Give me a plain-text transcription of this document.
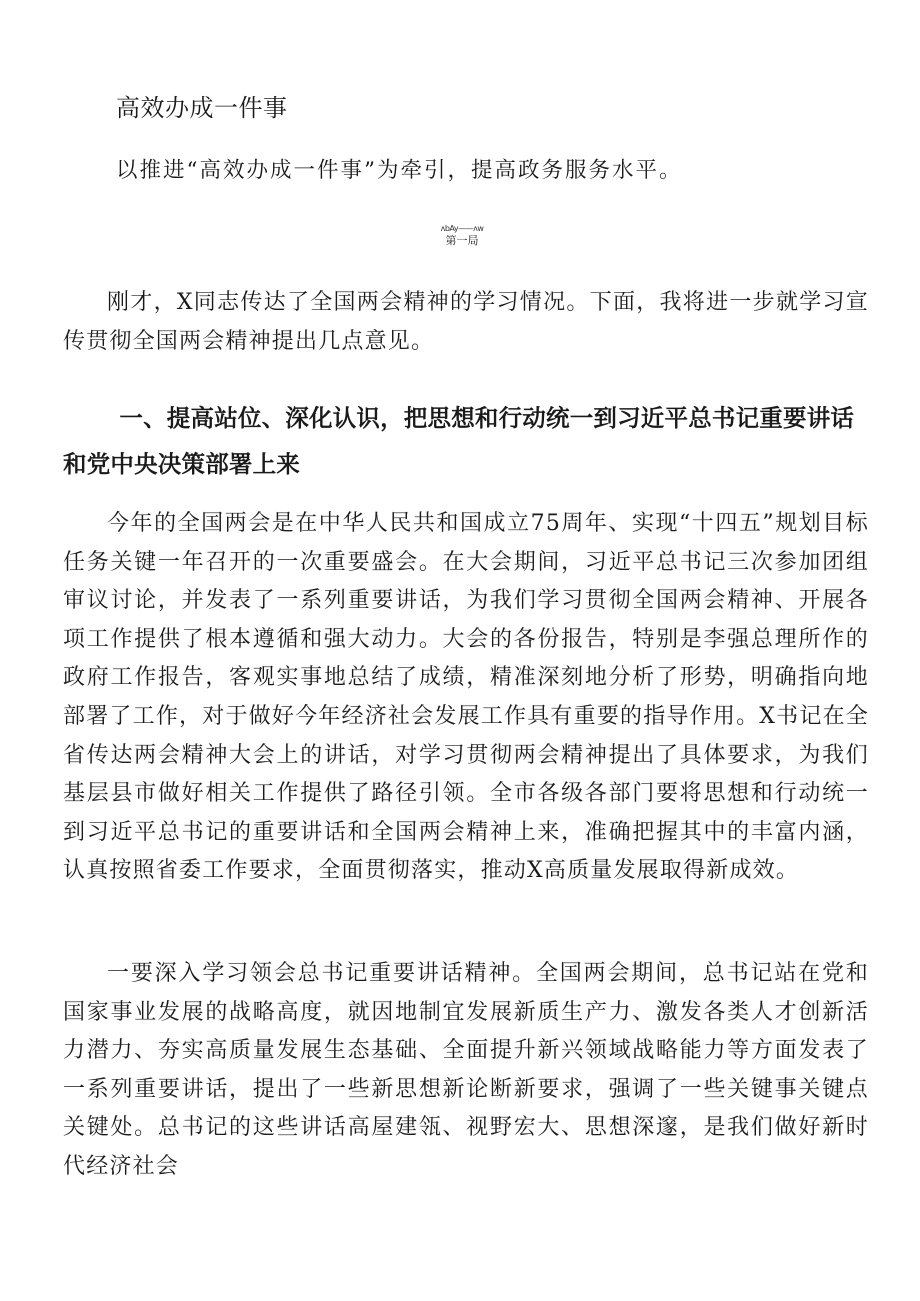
高效办成一件事
以推进“高效办成一件事”为牵引，提高政务服务水平。
ʌbAy——ʌw
第一局

刚才，X同志传达了全国两会精神的学习情况。下面，我将进一步就学习宣传贯彻全国两会精神提出几点意见。

一、提高站位、深化认识，把思想和行动统一到习近平总书记重要讲话和党中央决策部署上来

今年的全国两会是在中华人民共和国成立75周年、实现“十四五”规划目标任务关键一年召开的一次重要盛会。在大会期间，习近平总书记三次参加团组审议讨论，并发表了一系列重要讲话，为我们学习贯彻全国两会精神、开展各项工作提供了根本遵循和强大动力。大会的各份报告，特别是李强总理所作的政府工作报告，客观实事地总结了成绩，精准深刻地分析了形势，明确指向地部署了工作，对于做好今年经济社会发展工作具有重要的指导作用。X书记在全省传达两会精神大会上的讲话，对学习贯彻两会精神提出了具体要求，为我们基层县市做好相关工作提供了路径引领。全市各级各部门要将思想和行动统一到习近平总书记的重要讲话和全国两会精神上来，准确把握其中的丰富内涵，认真按照省委工作要求，全面贯彻落实，推动X高质量发展取得新成效。

一要深入学习领会总书记重要讲话精神。全国两会期间，总书记站在党和国家事业发展的战略高度，就因地制宜发展新质生产力、激发各类人才创新活力潜力、夯实高质量发展生态基础、全面提升新兴领域战略能力等方面发表了一系列重要讲话，提出了一些新思想新论断新要求，强调了一些关键事关键点关键处。总书记的这些讲话高屋建瓴、视野宏大、思想深邃，是我们做好新时代经济社会
